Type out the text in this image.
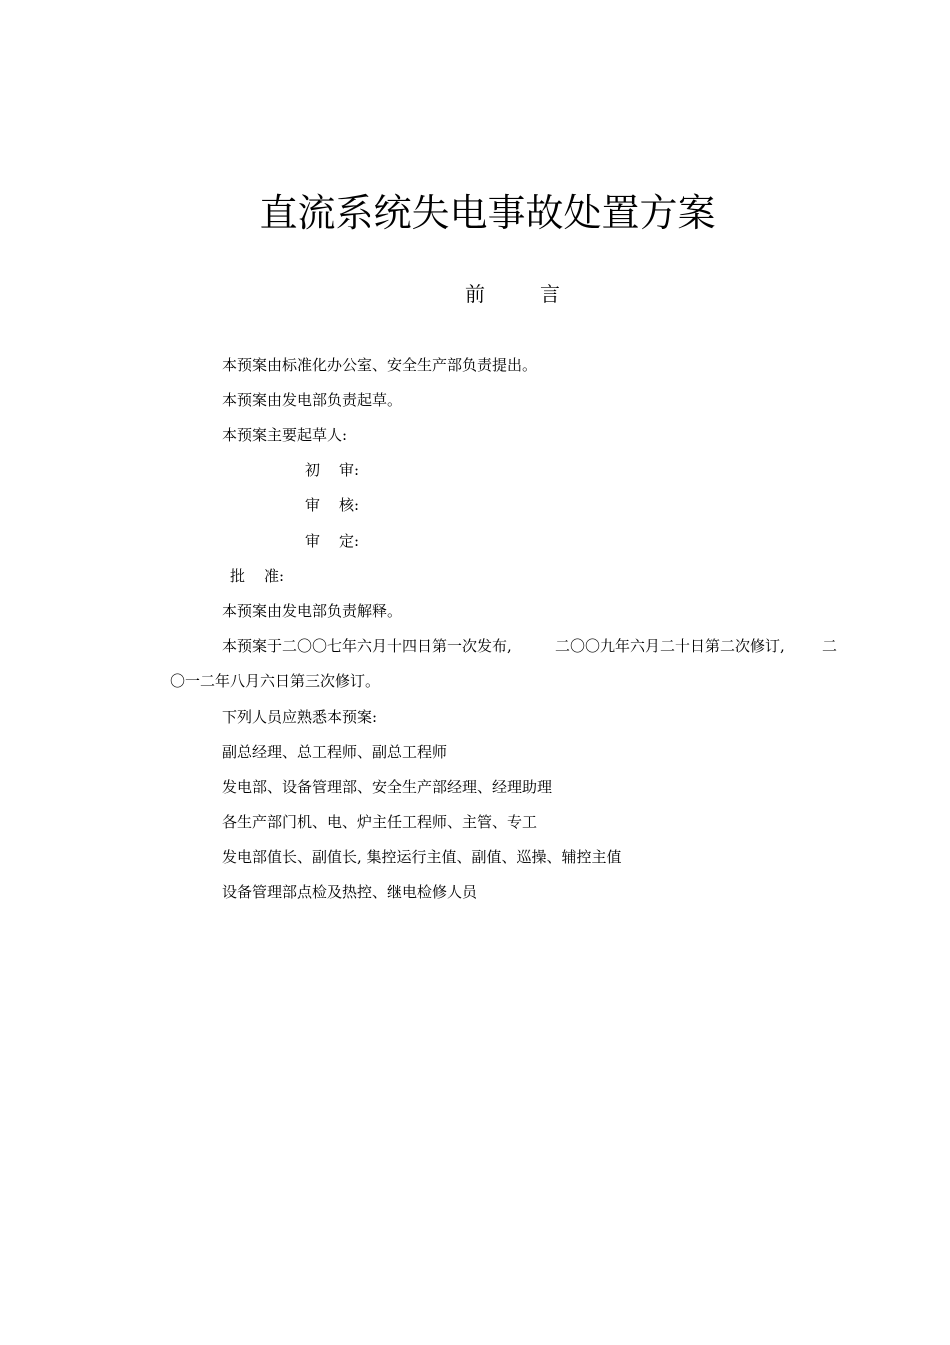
直流系统失电事故处置方案
前	言
本预案由标准化办公室、安全生产部负责提出。
本预案由发电部负责起草。
本预案主要起草人:
初	审:
审	核:
审	定:
批	准:
本预案由发电部负责解释。
本预案于二〇〇七年六月十四日第一次发布,	二〇〇九年六月二十日第二次修订, 二
〇一二年八月六日第三次修订。
下列人员应熟悉本预案:
副总经理、总工程师、副总工程师
发电部、设备管理部、安全生产部经理、经理助理
各生产部门机、电、炉主任工程师、主管、专工
发电部值长、副值长, 集控运行主值、副值、巡操、辅控主值
设备管理部点检及热控、继电检修人员
